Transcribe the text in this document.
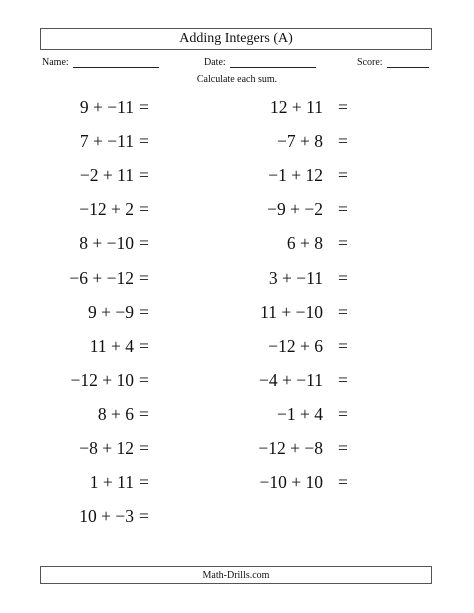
Adding Integers (A)
Name:	Date:	Score:
Calculate each sum.
9 + −11 =
7 + −11 =
−2 + 11 =
−12 + 2 =
8 + −10 =
−6 + −12 =
9 + −9 =
11 + 4 =
−12 + 10 =
8 + 6 =
−8 + 12 =
1 + 11 =
10 + −3 =
12 + 11 =
−7 + 8 =
−1 + 12 =
−9 + −2 =
6 + 8 =
3 + −11 =
11 + −10 =
−12 + 6 =
−4 + −11 =
−1 + 4 =
−12 + −8 =
−10 + 10 =
Math-Drills.com
